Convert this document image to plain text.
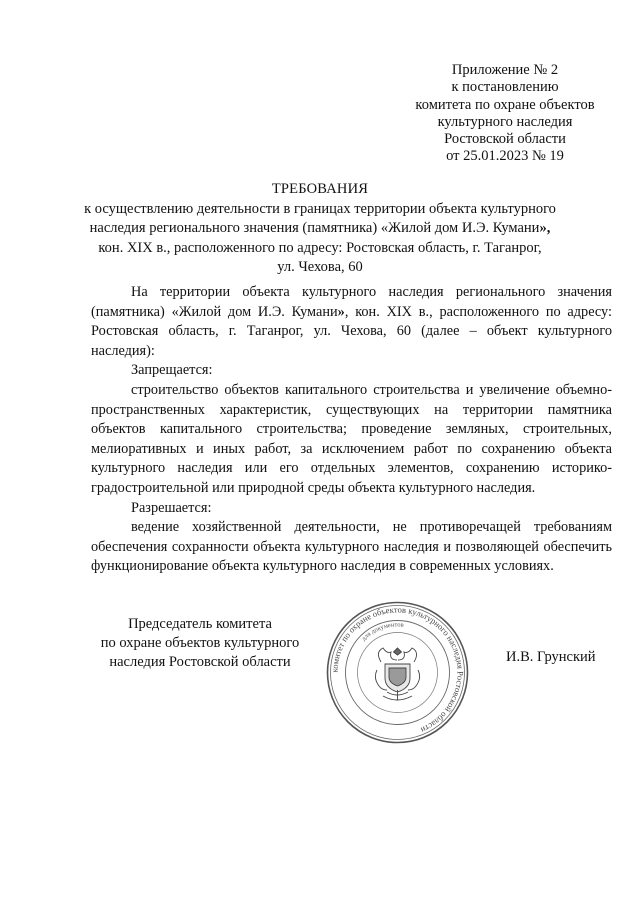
Приложение № 2
к постановлению
комитета по охране объектов
культурного наследия
Ростовской области
от 25.01.2023 № 19
ТРЕБОВАНИЯ
к осуществлению деятельности в границах территории объекта культурного
наследия регионального значения (памятника) «Жилой дом И.Э. Кумани»,
кон. XIX в., расположенного по адресу: Ростовская область, г. Таганрог,
ул. Чехова, 60

На территории объекта культурного наследия регионального значения (памятника) «Жилой дом И.Э. Кумани», кон. XIX в., расположенного по адресу: Ростовская область, г. Таганрог, ул. Чехова, 60 (далее – объект культурного наследия):

Запрещается:

строительство объектов капитального строительства и увеличение объемно-пространственных характеристик, существующих на территории памятника объектов капитального строительства; проведение земляных, строительных, мелиоративных и иных работ, за исключением работ по сохранению объекта культурного наследия или его отдельных элементов, сохранению историко-градостроительной или природной среды объекта культурного наследия.

Разрешается:

ведение хозяйственной деятельности, не противоречащей требованиям обеспечения сохранности объекта культурного наследия и позволяющей обеспечить функционирование объекта культурного наследия в современных условиях.

Председатель комитета
по охране объектов культурного
наследия Ростовской области
комитет по охране объектов культурного наследия Ростовской области
для документов
И.В. Грунский
